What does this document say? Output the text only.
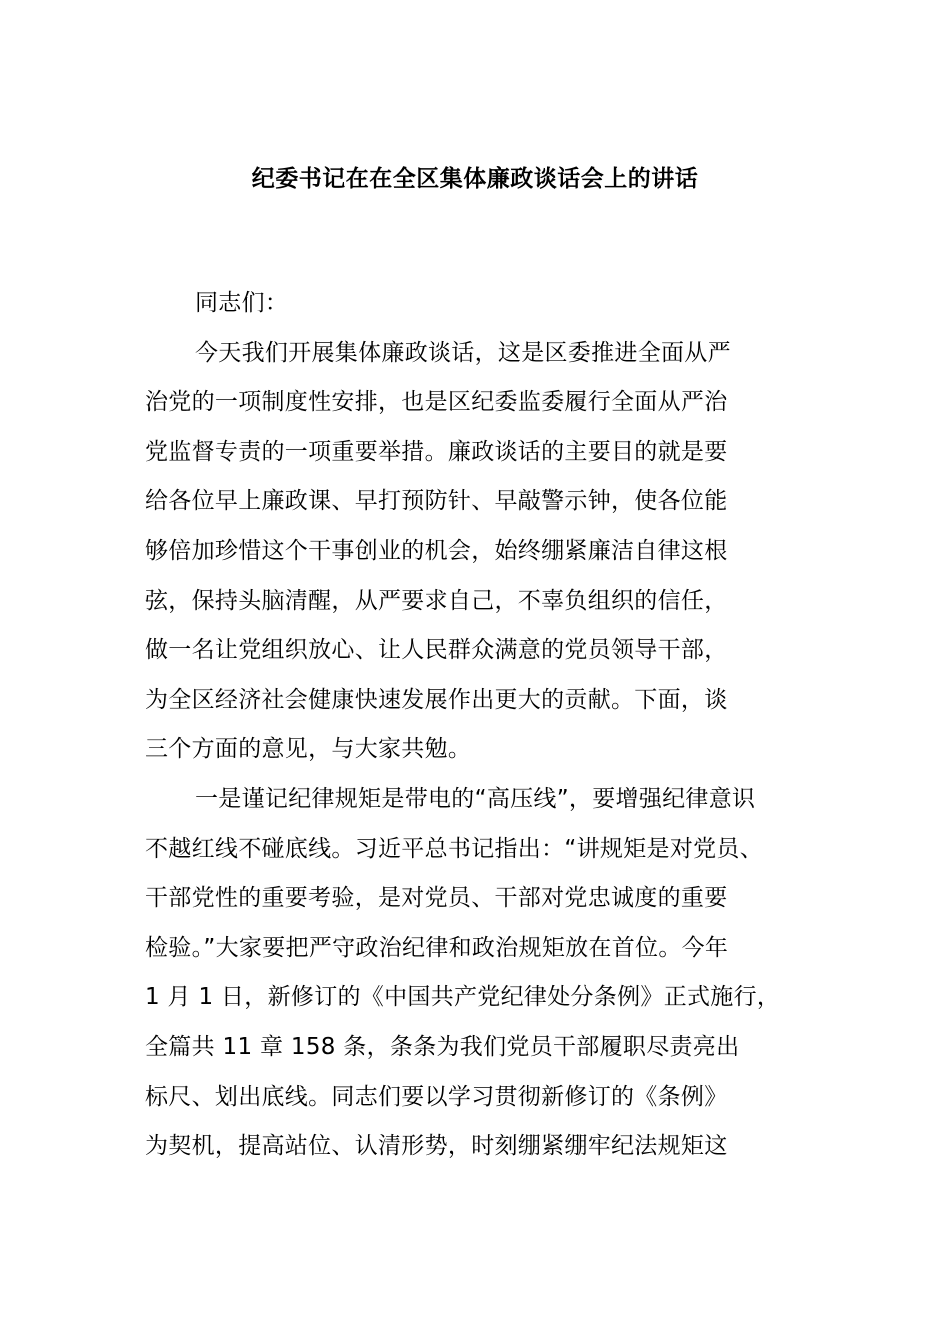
纪委书记在在全区集体廉政谈话会上的讲话
同志们：
今天我们开展集体廉政谈话，这是区委推进全面从严
治党的一项制度性安排，也是区纪委监委履行全面从严治
党监督专责的一项重要举措。廉政谈话的主要目的就是要
给各位早上廉政课、早打预防针、早敲警示钟，使各位能
够倍加珍惜这个干事创业的机会，始终绷紧廉洁自律这根
弦，保持头脑清醒，从严要求自己，不辜负组织的信任，
做一名让党组织放心、让人民群众满意的党员领导干部，
为全区经济社会健康快速发展作出更大的贡献。下面，谈
三个方面的意见，与大家共勉。
一是谨记纪律规矩是带电的“高压线”，要增强纪律意识
不越红线不碰底线。习近平总书记指出：“讲规矩是对党员、
干部党性的重要考验，是对党员、干部对党忠诚度的重要
检验。”大家要把严守政治纪律和政治规矩放在首位。今年
1 月 1 日，新修订的《中国共产党纪律处分条例》正式施行，
全篇共 11 章 158 条，条条为我们党员干部履职尽责亮出
标尺、划出底线。同志们要以学习贯彻新修订的《条例》
为契机，提高站位、认清形势，时刻绷紧绷牢纪法规矩这
